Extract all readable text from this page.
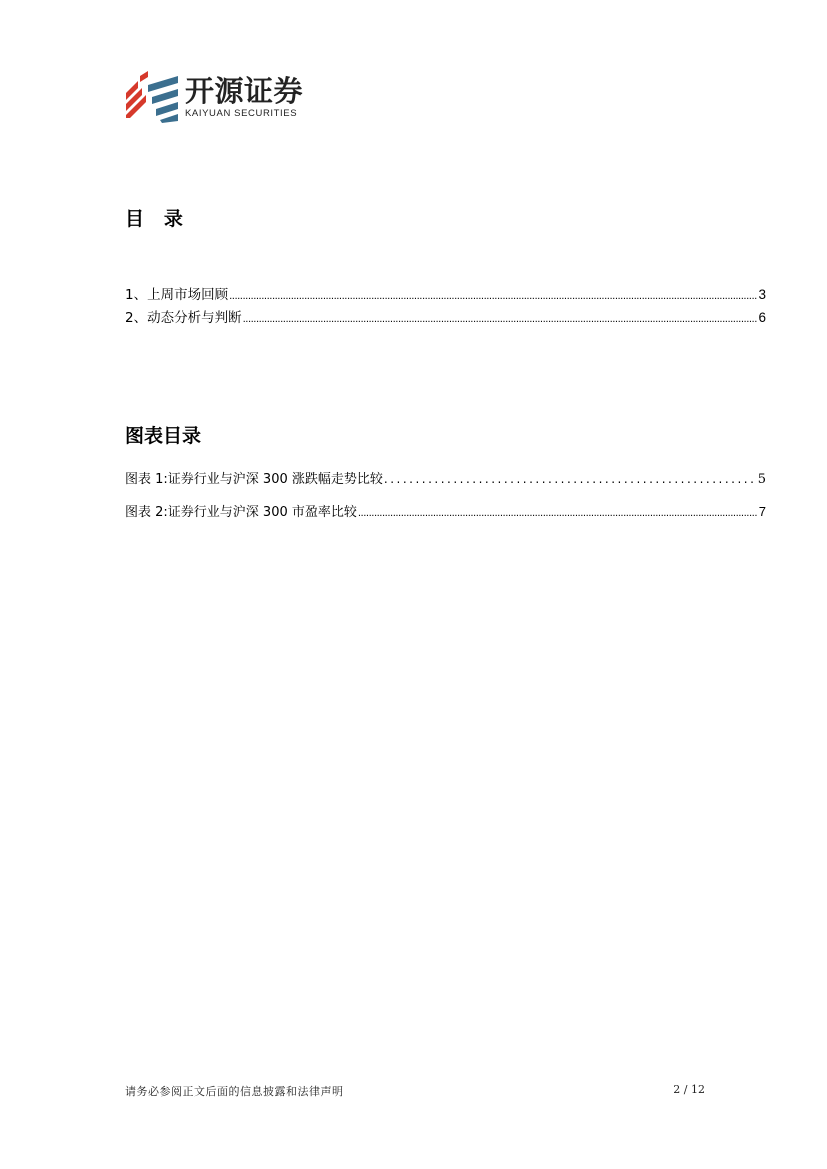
开源证券
KAIYUAN SECURITIES
目   录
1、上周市场回顾 .....	3
2、动态分析与判断 .....	6
图表目录
图表 1:证券行业与沪深 300 涨跌幅走势比较 .....	5
图表 2:证券行业与沪深 300 市盈率比较 .....	7
请务必参阅正文后面的信息披露和法律声明	2 / 12
